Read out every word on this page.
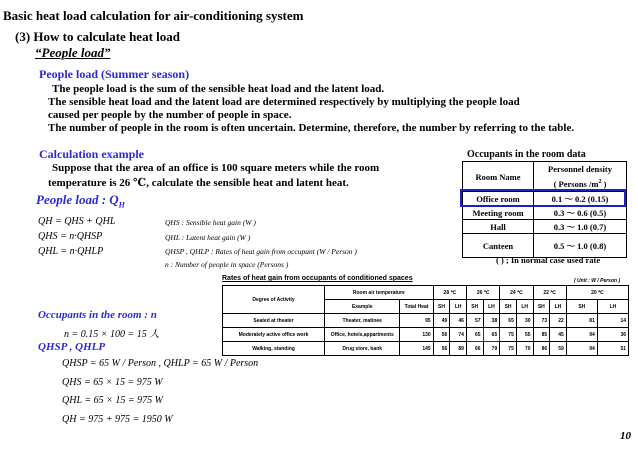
Basic heat load calculation for air-conditioning system
(3) How to calculate heat load
“People load”
People load (Summer season)
The people load is the sum of the sensible heat load and the latent load.
The sensible heat load and the latent load are determined respectively by multiplying the people load
caused per people by the number of people in space.
The number of people in the room is often uncertain. Determine, therefore, the number by referring to the table.
Calculation example
Suppose that the area of an office is 100 square meters while the room
temperature is 26 ℃, calculate the sensible heat and latent heat.
People load : $Q_H$
QH = QHS + QHL
QHS = n·QHSP
QHL = n·QHLP
QHS : Sensible heat gain (W )
QHL : Latent heat gain (W )
QHSP , QHLP : Rates of heat gain from occupant (W / Person )
n : Number of people in space (Persons )
Occupants in the room : n
n = 0.15 × 100 = 15 人
QHSP , QHLP
QHSP = 65 W / Person , QHLP = 65 W / Person
QHS = 65 × 15 = 975 W
QHL = 65 × 15 = 975 W
QH = 975 + 975 = 1950 W
Occupants in the room data
Room Name	Personnel density
( Persons $/m^2$ )

Office room	0.1 ～ 0.2 (0.15)
Meeting room	0.3 ～ 0.6 (0.5)
Hall	0.3 ～ 1.0 (0.7)
Canteen	0.5 ～ 1.0 (0.8)
( ) ; In normal case used rate
Rates of heat gain from occupants of conditioned spaces	( Unit : W / Person )
Degree of Activity	Room air temperature		28 ℃		26 ℃		24 ℃		22 ℃		20 ℃	
	Example	Total Heat	SH	LH	SH	LH	SH	LH	SH	LH	SH	LH
Seated at theater	Theater, matinee	95	49	46	57	38	65	30	73	22	81	14
Moderately active office work	Office, hotels,appartments	130	56	74	65	65	75	55	85	45	94	36
Walking, standing	Drug store, bank	145	56	89	66	79	75	70	86	59	94	51
10
